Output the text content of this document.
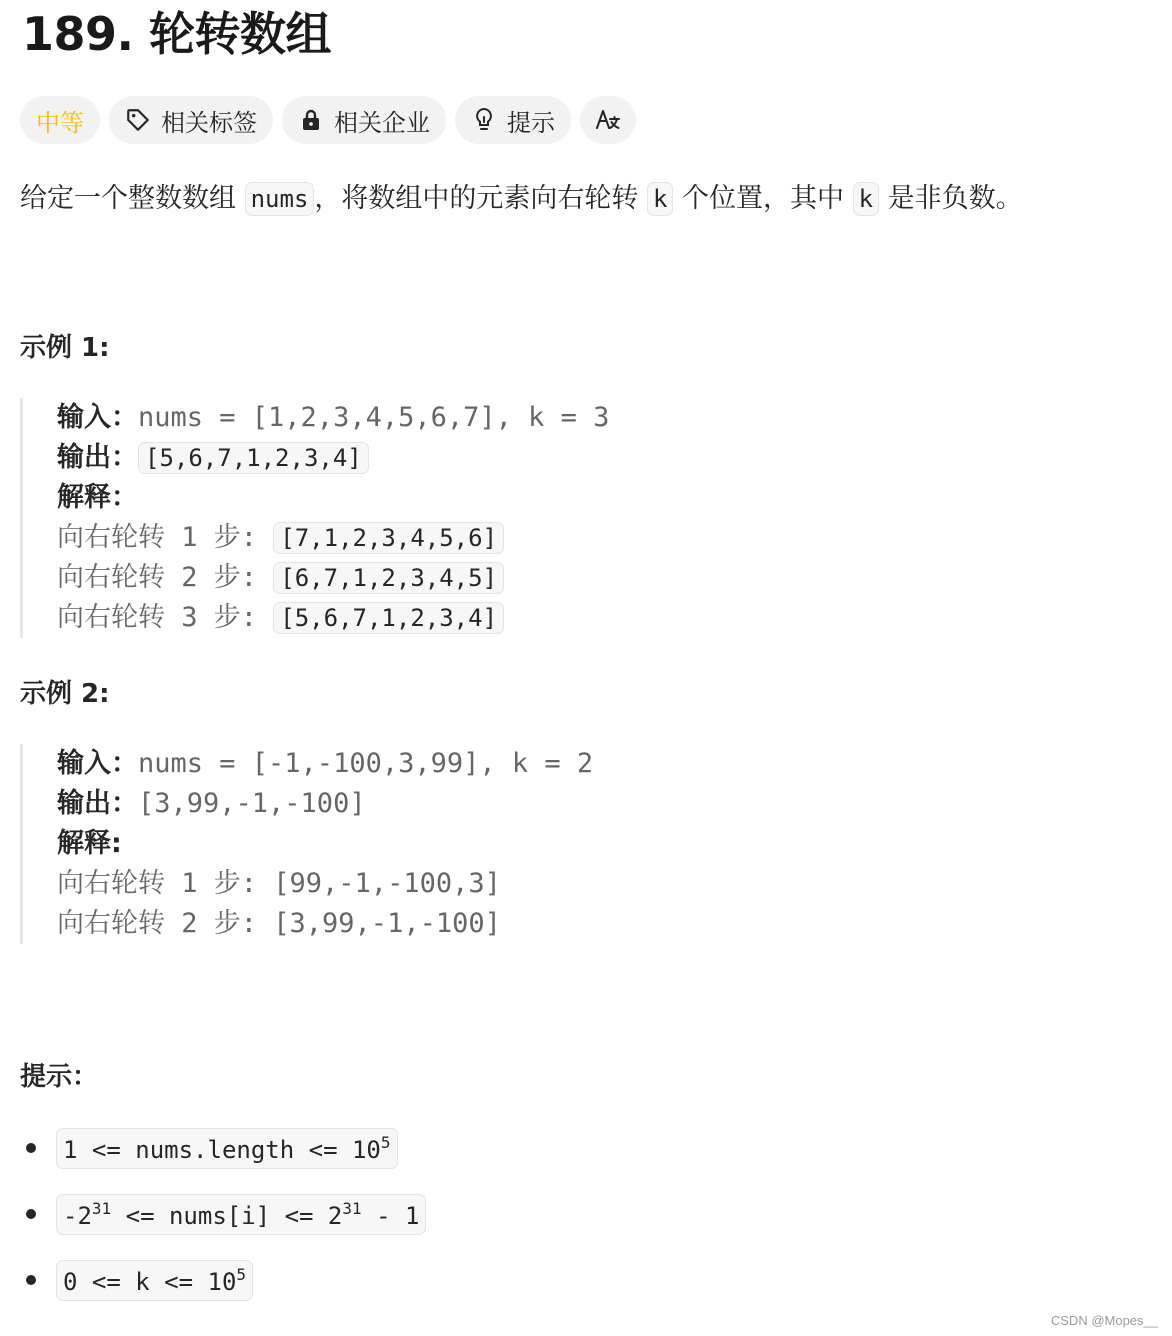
189. 轮转数组
中等	相关标签	相关企业	提示
给定一个整数数组 nums ，将数组中的元素向右轮转 k 个位置，其中 k 是非负数。
示例 1:
输入：nums = [1,2,3,4,5,6,7], k = 3
输出： [5,6,7,1,2,3,4]
解释：
向右轮转 1 步: [7,1,2,3,4,5,6]
向右轮转 2 步: [6,7,1,2,3,4,5]
向右轮转 3 步: [5,6,7,1,2,3,4]
示例 2:
输入：nums = [-1,-100,3,99], k = 2
输出：[3,99,-1,-100]
解释:
向右轮转 1 步: [99,-1,-100,3]
向右轮转 2 步: [3,99,-1,-100]
提示：
1 <= nums.length <= $10^5$
$-2^{31}$ <= nums[i] <= $2^{31} - 1$
$0 <= k <= 10^5$
CSDN @Mopes__
